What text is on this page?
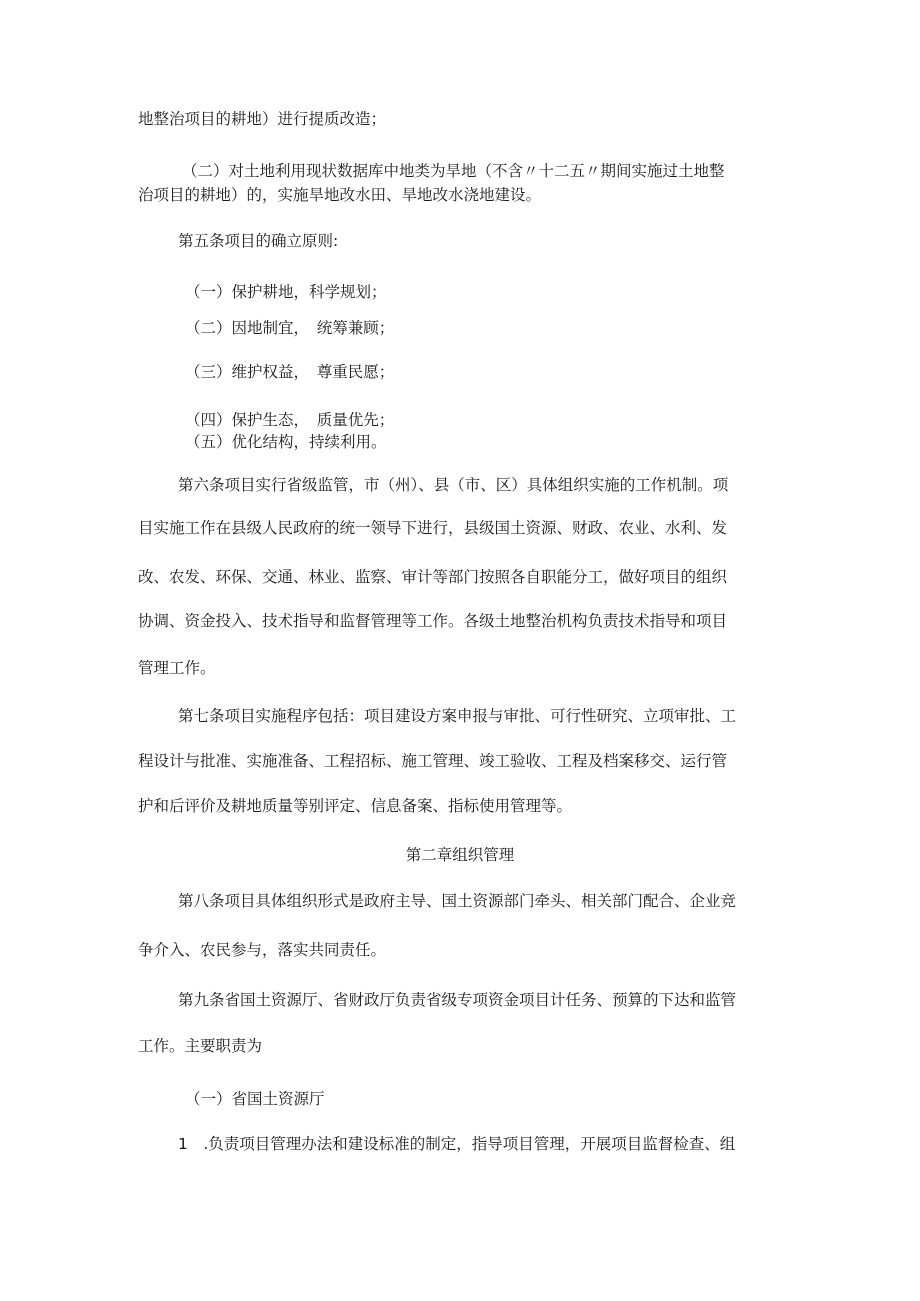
地整治项目的耕地）进行提质改造；

（二）对土地利用现状数据库中地类为旱地（不含〃十二五〃期间实施过土地整

治项目的耕地）的，实施旱地改水田、旱地改水浇地建设。

第五条项目的确立原则:

（一）保护耕地，科学规划；

（二）因地制宜，　统筹兼顾；

（三）维护权益，　尊重民愿；

（四）保护生态，　质量优先；

（五）优化结构，持续利用。

第六条项目实行省级监管，市（州）、县（市、区）具体组织实施的工作机制。项

目实施工作在县级人民政府的统一领导下进行，县级国土资源、财政、农业、水利、发

改、农发、环保、交通、林业、监察、审计等部门按照各自职能分工，做好项目的组织

协调、资金投入、技术指导和监督管理等工作。各级土地整治机构负责技术指导和项目

管理工作。

第七条项目实施程序包括：项目建设方案申报与审批、可行性研究、立项审批、工

程设计与批准、实施准备、工程招标、施工管理、竣工验收、工程及档案移交、运行管

护和后评价及耕地质量等别评定、信息备案、指标使用管理等。

第二章组织管理

第八条项目具体组织形式是政府主导、国土资源部门牵头、相关部门配合、企业竞

争介入、农民参与，落实共同责任。

第九条省国土资源厅、省财政厅负责省级专项资金项目计任务、预算的下达和监管

工作。主要职责为

（一）省国土资源厅

1　.负责项目管理办法和建设标准的制定，指导项目管理，开展项目监督检查、组
